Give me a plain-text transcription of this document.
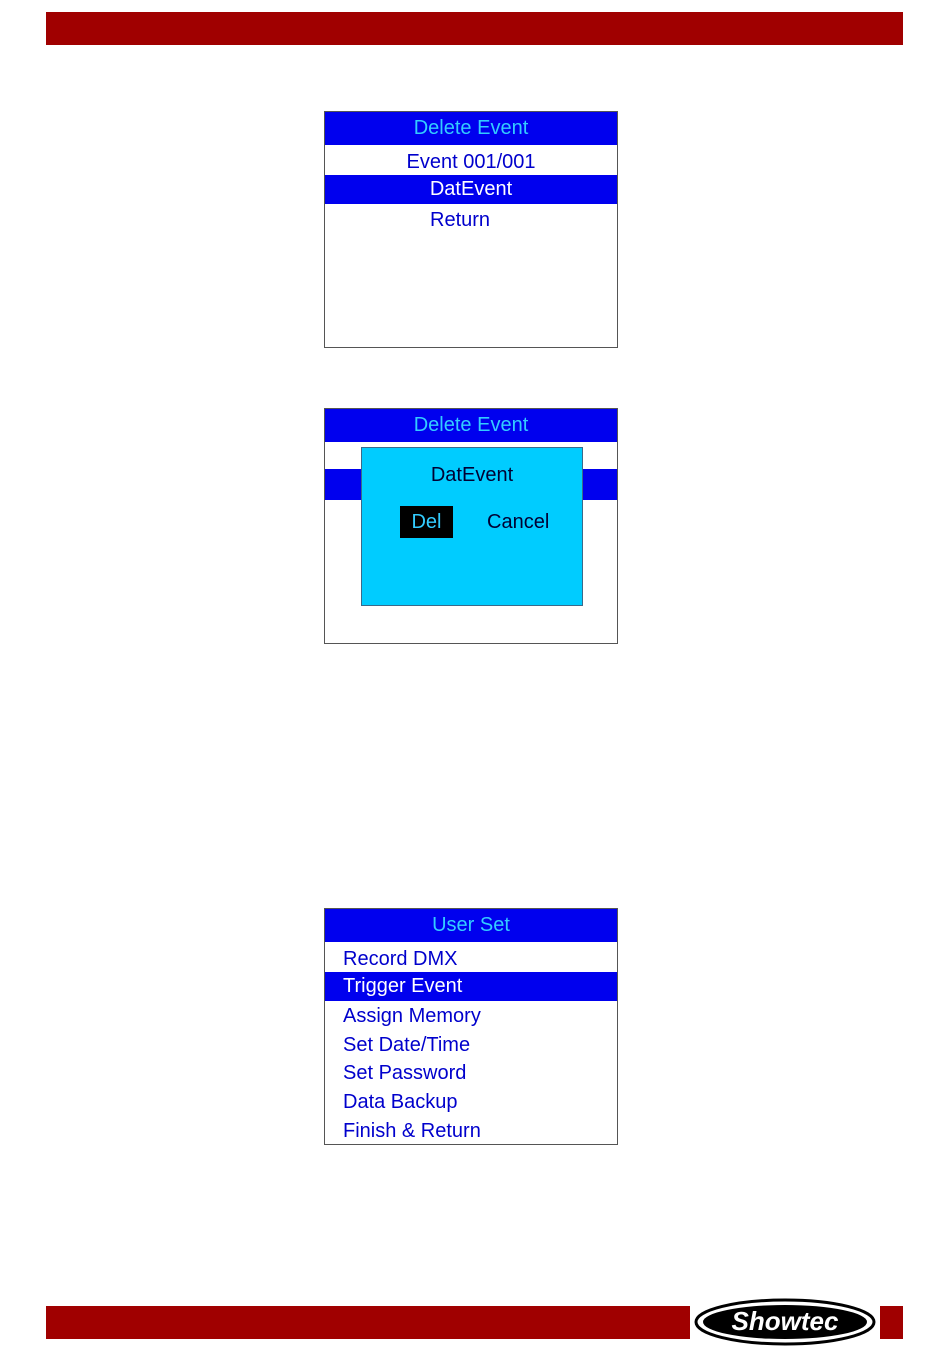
Delete Event
Event 001/001
DatEvent
Return
Delete Event
DatEvent
Del	Cancel
User Set
Record DMX
Trigger Event
Assign Memory
Set Date/Time
Set Password
Data Backup
Finish & Return
Showtec
